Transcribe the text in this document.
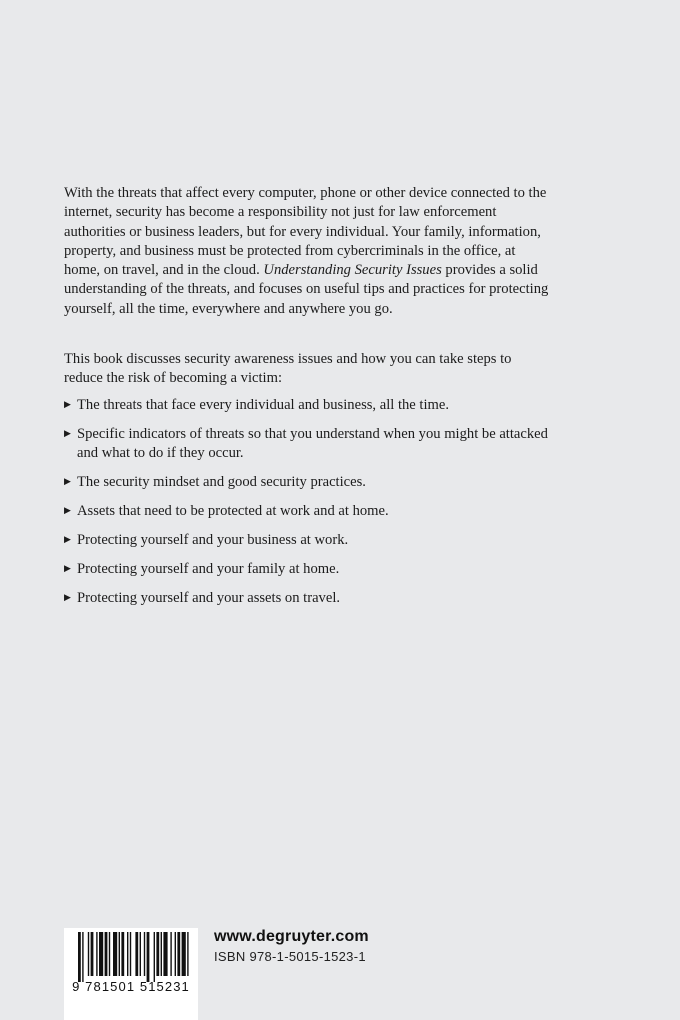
With the threats that affect every computer, phone or other device connected to the internet, security has become a responsibility not just for law enforcement authorities or business leaders, but for every individual. Your family, information, property, and business must be protected from cybercriminals in the office, at home, on travel, and in the cloud. Understanding Security Issues provides a solid understanding of the threats, and focuses on useful tips and practices for protecting yourself, all the time, everywhere and anywhere you go.

This book discusses security awareness issues and how you can take steps to reduce the risk of becoming a victim:

▶ The threats that face every individual and business, all the time.
▶ Specific indicators of threats so that you understand when you might be attacked and what to do if they occur.
▶ The security mindset and good security practices.
▶ Assets that need to be protected at work and at home.
▶ Protecting yourself and your business at work.
▶ Protecting yourself and your family at home.
▶ Protecting yourself and your assets on travel.
9 781501 515231
www.degruyter.com
ISBN 978-1-5015-1523-1
